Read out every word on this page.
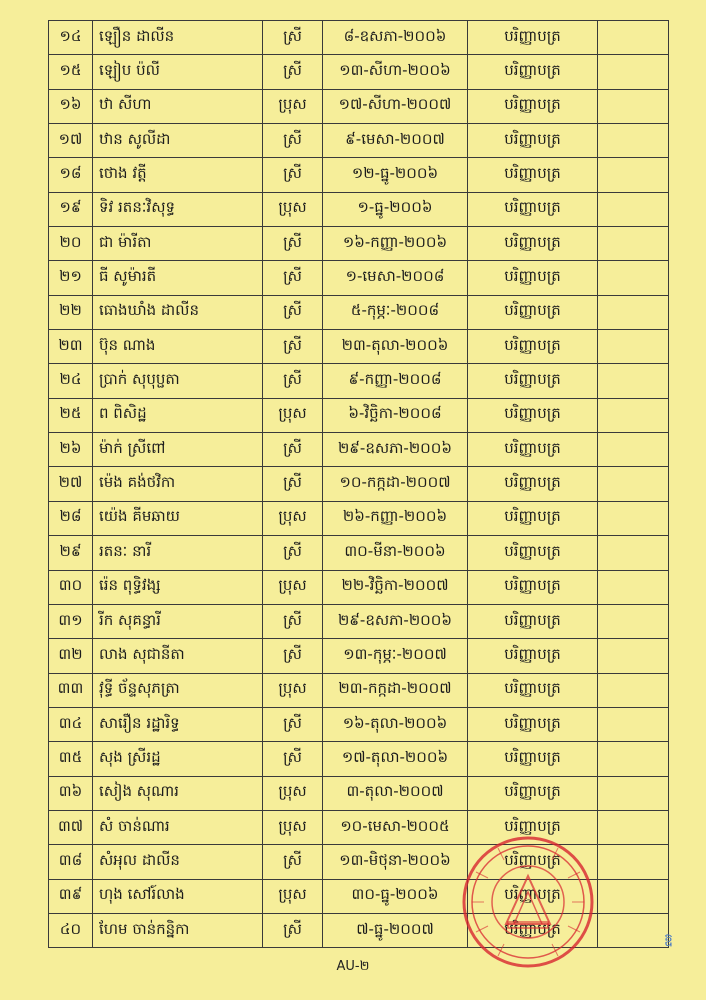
១៤	ឡឿន ដាលីន	ស្រី	៨-ឧសភា-២០០៦	បរិញ្ញាបត្រ	
១៥	ឡៀប ប៉លី	ស្រី	១៣-សីហា-២០០៦	បរិញ្ញាបត្រ	
១៦	ឋា សីហា	ប្រុស	១៧-សីហា-២០០៧	បរិញ្ញាបត្រ	
១៧	ឋាន សូលីដា	ស្រី	៩-មេសា-២០០៧	បរិញ្ញាបត្រ	
១៨	ថោង វត្តី	ស្រី	១២-ធ្នូ-២០០៦	បរិញ្ញាបត្រ	
១៩	ទិវ រតនៈវិសុទ្ធ	ប្រុស	១-ធ្នូ-២០០៦	បរិញ្ញាបត្រ	
២០	ជា ម៉ារីតា	ស្រី	១៦-កញ្ញា-២០០៦	បរិញ្ញាបត្រ	
២១	ធី សូម៉ារតី	ស្រី	១-មេសា-២០០៨	បរិញ្ញាបត្រ	
២២	ធោងឃាំង ដាលីន	ស្រី	៥-កុម្ភៈ-២០០៨	បរិញ្ញាបត្រ	
២៣	ប៊ុន ណាង	ស្រី	២៣-តុលា-២០០៦	បរិញ្ញាបត្រ	
២៤	ប្រាក់ សុបុប្ផតា	ស្រី	៩-កញ្ញា-២០០៨	បរិញ្ញាបត្រ	
២៥	ព ពិសិដ្ឋ	ប្រុស	៦-វិច្ឆិកា-២០០៨	បរិញ្ញាបត្រ	
២៦	ម៉ាក់ ស្រីពៅ	ស្រី	២៩-ឧសភា-២០០៦	បរិញ្ញាបត្រ	
២៧	ម៉េង គង់ថវិកា	ស្រី	១០-កក្កដា-២០០៧	បរិញ្ញាបត្រ	
២៨	យ៉េង គីមឆាយ	ប្រុស	២៦-កញ្ញា-២០០៦	បរិញ្ញាបត្រ	
២៩	រតនៈ នារី	ស្រី	៣០-មីនា-២០០៦	បរិញ្ញាបត្រ	
៣០	រ៉េន ពុទ្ធិវង្ស	ប្រុស	២២-វិច្ឆិកា-២០០៧	បរិញ្ញាបត្រ	
៣១	រីក សុគន្ធារី	ស្រី	២៩-ឧសភា-២០០៦	បរិញ្ញាបត្រ	
៣២	លាង សុជានីតា	ស្រី	១៣-កុម្ភៈ-២០០៧	បរិញ្ញាបត្រ	
៣៣	វុទ្ធី ច័ន្ទសុភត្រា	ប្រុស	២៣-កក្កដា-២០០៧	បរិញ្ញាបត្រ	
៣៤	សារឿន រដ្ឋារិទ្ធ	ស្រី	១៦-តុលា-២០០៦	បរិញ្ញាបត្រ	
៣៥	សុង ស្រីរដ្ឋ	ស្រី	១៧-តុលា-២០០៦	បរិញ្ញាបត្រ	
៣៦	សៀង សុណារ	ប្រុស	៣-តុលា-២០០៧	បរិញ្ញាបត្រ	
៣៧	សំ ចាន់ណារ	ប្រុស	១០-មេសា-២០០៥	បរិញ្ញាបត្រ	
៣៨	សំអុល ដាលីន	ស្រី	១៣-មិថុនា-២០០៦	បរិញ្ញាបត្រ	
៣៩	ហុង សៅរ៍លាង	ប្រុស	៣០-ធ្នូ-២០០៦	បរិញ្ញាបត្រ	
៤០	ហែម ចាន់កន្និកា	ស្រី	៧-ធ្នូ-២០០៧	បរិញ្ញាបត្រ	
ឱ
AU-២
